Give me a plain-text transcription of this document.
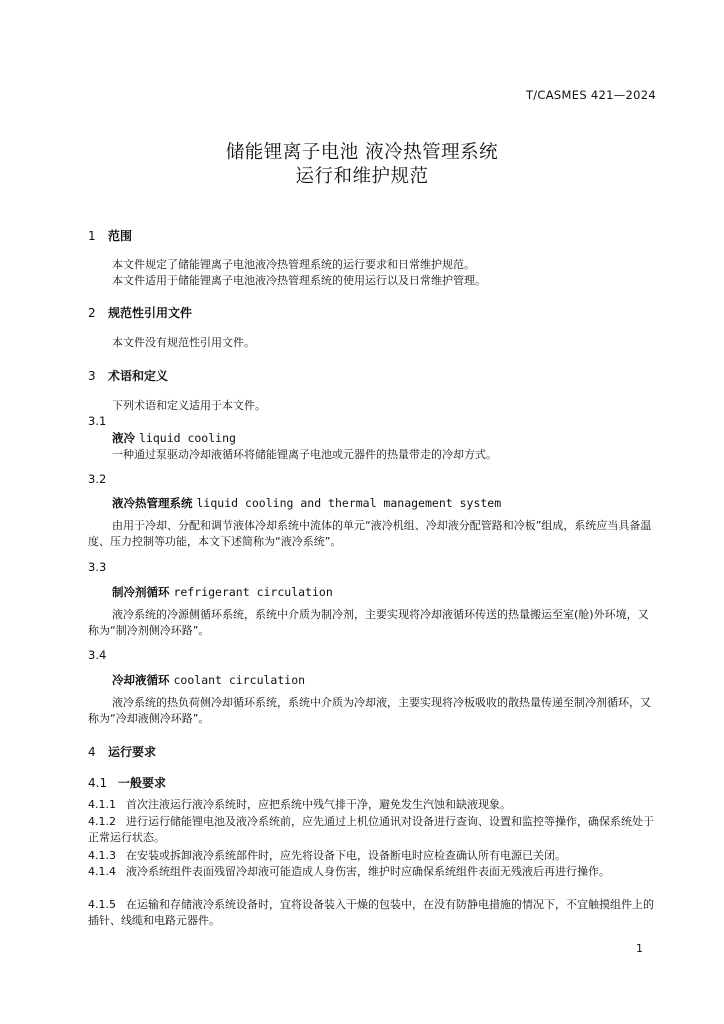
T/CASMES 421—2024
储能锂离子电池 液冷热管理系统
运行和维护规范
1 范围
本文件规定了储能锂离子电池液冷热管理系统的运行要求和日常维护规范。
本文件适用于储能锂离子电池液冷热管理系统的使用运行以及日常维护管理。
2 规范性引用文件
本文件没有规范性引用文件。
3 术语和定义
下列术语和定义适用于本文件。
3.1
液冷 liquid cooling
一种通过泵驱动冷却液循环将储能锂离子电池或元器件的热量带走的冷却方式。
3.2
液冷热管理系统 liquid cooling and thermal management system
由用于冷却、分配和调节液体冷却系统中流体的单元“液冷机组、冷却液分配管路和冷板”组成，系统应当具备温度、压力控制等功能，本文下述简称为“液冷系统”。
3.3
制冷剂循环 refrigerant circulation
液冷系统的冷源侧循环系统，系统中介质为制冷剂，主要实现将冷却液循环传送的热量搬运至室(舱)外环境，又称为“制冷剂侧冷环路”。
3.4
冷却液循环 coolant circulation
液冷系统的热负荷侧冷却循环系统，系统中介质为冷却液，主要实现将冷板吸收的散热量传递至制冷剂循环，又称为“冷却液侧冷环路”。
4 运行要求
4.1 一般要求
4.1.1 首次注液运行液冷系统时，应把系统中残气排干净，避免发生汽蚀和缺液现象。
4.1.2 进行运行储能锂电池及液冷系统前，应先通过上机位通讯对设备进行查询、设置和监控等操作，确保系统处于正常运行状态。
4.1.3 在安装或拆卸液冷系统部件时，应先将设备下电，设备断电时应检查确认所有电源已关闭。
4.1.4 液冷系统组件表面残留冷却液可能造成人身伤害，维护时应确保系统组件表面无残液后再进行操作。
4.1.5 在运输和存储液冷系统设备时，宜将设备装入干燥的包装中，在没有防静电措施的情况下，不宜触摸组件上的插针、线缆和电路元器件。
1
